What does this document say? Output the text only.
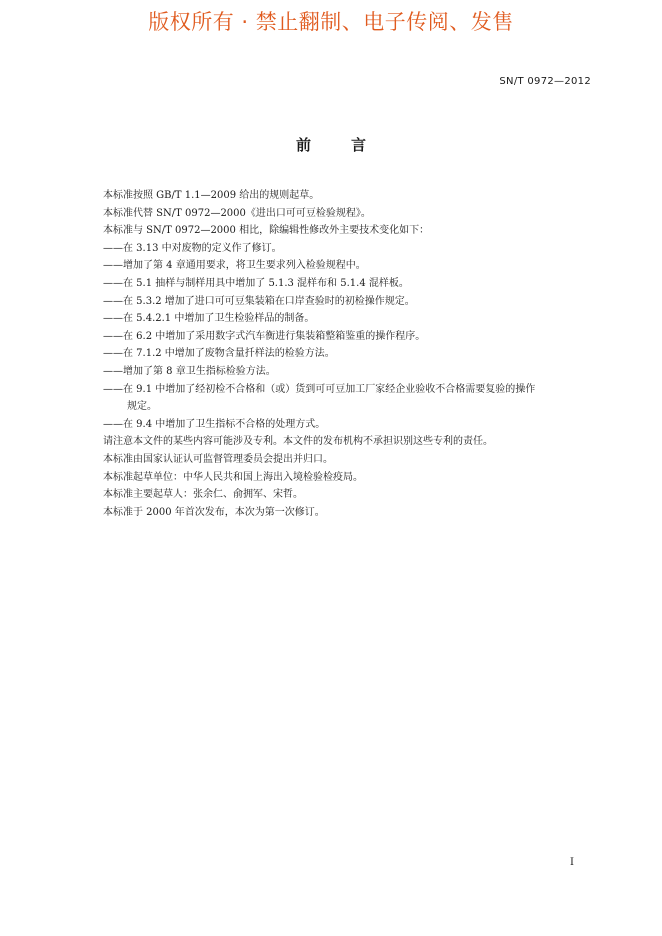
版权所有 · 禁止翻制、电子传阅、发售
SN/T 0972—2012
前言

本标准按照 GB/T 1.1—2009 给出的规则起草。

本标准代替 SN/T 0972—2000《进出口可可豆检验规程》。

本标准与 SN/T 0972—2000 相比，除编辑性修改外主要技术变化如下：

——在 3.13 中对废物的定义作了修订。

——增加了第 4 章通用要求，将卫生要求列入检验规程中。

——在 5.1 抽样与制样用具中增加了 5.1.3 混样布和 5.1.4 混样板。

——在 5.3.2 增加了进口可可豆集装箱在口岸查验时的初检操作规定。

——在 5.4.2.1 中增加了卫生检验样品的制备。

——在 6.2 中增加了采用数字式汽车衡进行集装箱整箱鉴重的操作程序。

——在 7.1.2 中增加了废物含量扦样法的检验方法。

——增加了第 8 章卫生指标检验方法。

——在 9.1 中增加了经初检不合格和（或）货到可可豆加工厂家经企业验收不合格需要复验的操作

规定。

——在 9.4 中增加了卫生指标不合格的处理方式。

请注意本文件的某些内容可能涉及专利。本文件的发布机构不承担识别这些专利的责任。

本标准由国家认证认可监督管理委员会提出并归口。

本标准起草单位：中华人民共和国上海出入境检验检疫局。

本标准主要起草人：张余仁、俞拥军、宋哲。

本标准于 2000 年首次发布，本次为第一次修订。

I
